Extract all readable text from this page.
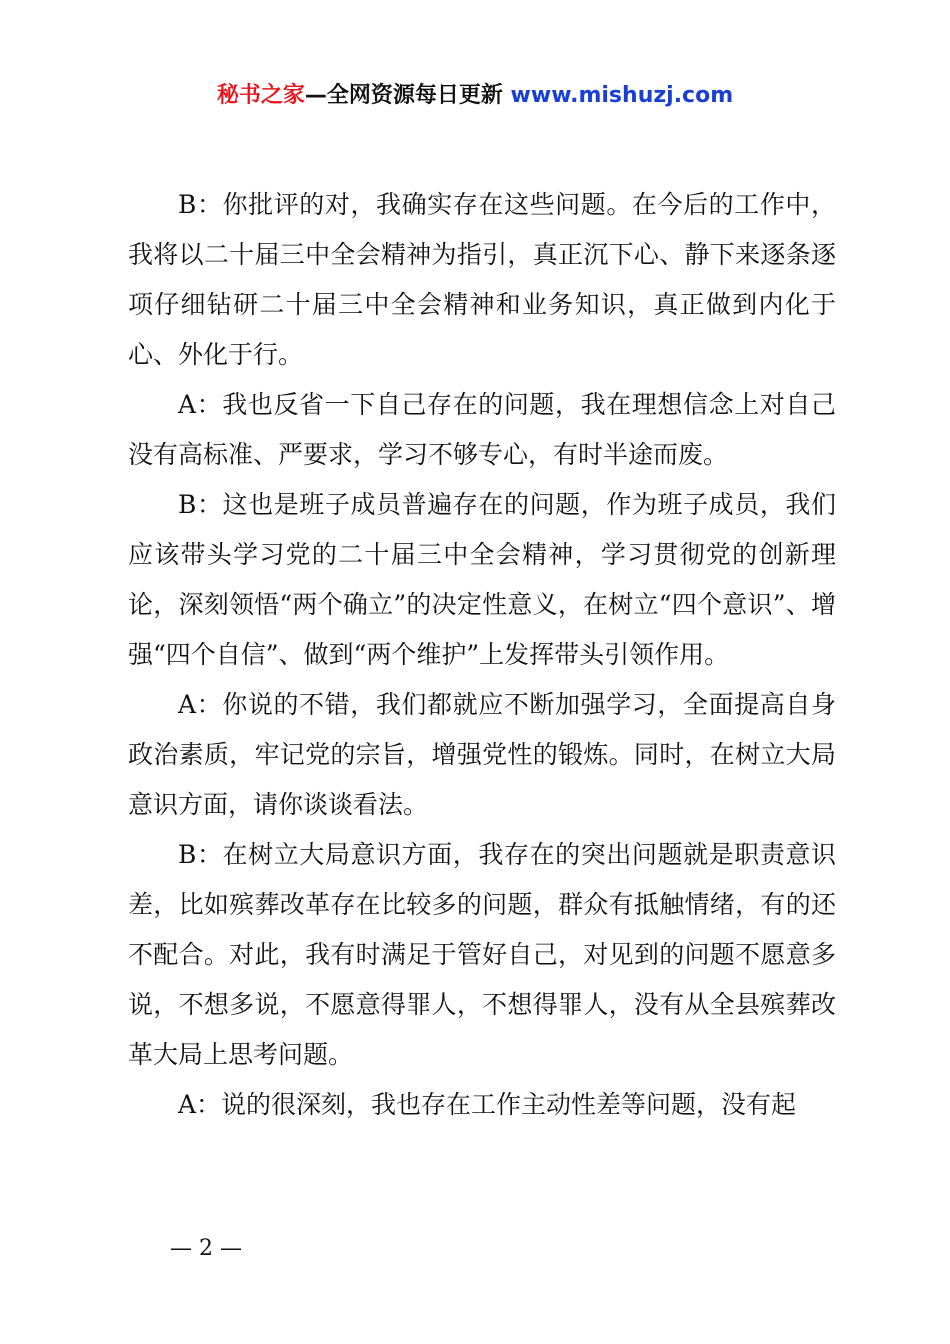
秘书之家—全网资源每日更新 www.mishuzj.com

B：你批评的对，我确实存在这些问题。在今后的工作中，我将以二十届三中全会精神为指引，真正沉下心、静下来逐条逐项仔细钻研二十届三中全会精神和业务知识，真正做到内化于心、外化于行。

A：我也反省一下自己存在的问题，我在理想信念上对自己没有高标准、严要求，学习不够专心，有时半途而废。

B：这也是班子成员普遍存在的问题，作为班子成员，我们应该带头学习党的二十届三中全会精神，学习贯彻党的创新理论，深刻领悟“两个确立”的决定性意义，在树立“四个意识”、增强“四个自信”、做到“两个维护”上发挥带头引领作用。

A：你说的不错，我们都就应不断加强学习，全面提高自身政治素质，牢记党的宗旨，增强党性的锻炼。同时，在树立大局意识方面，请你谈谈看法。

B：在树立大局意识方面，我存在的突出问题就是职责意识差，比如殡葬改革存在比较多的问题，群众有抵触情绪，有的还不配合。对此，我有时满足于管好自己，对见到的问题不愿意多说，不想多说，不愿意得罪人，不想得罪人，没有从全县殡葬改革大局上思考问题。

A：说的很深刻，我也存在工作主动性差等问题，没有起

— 2 —
